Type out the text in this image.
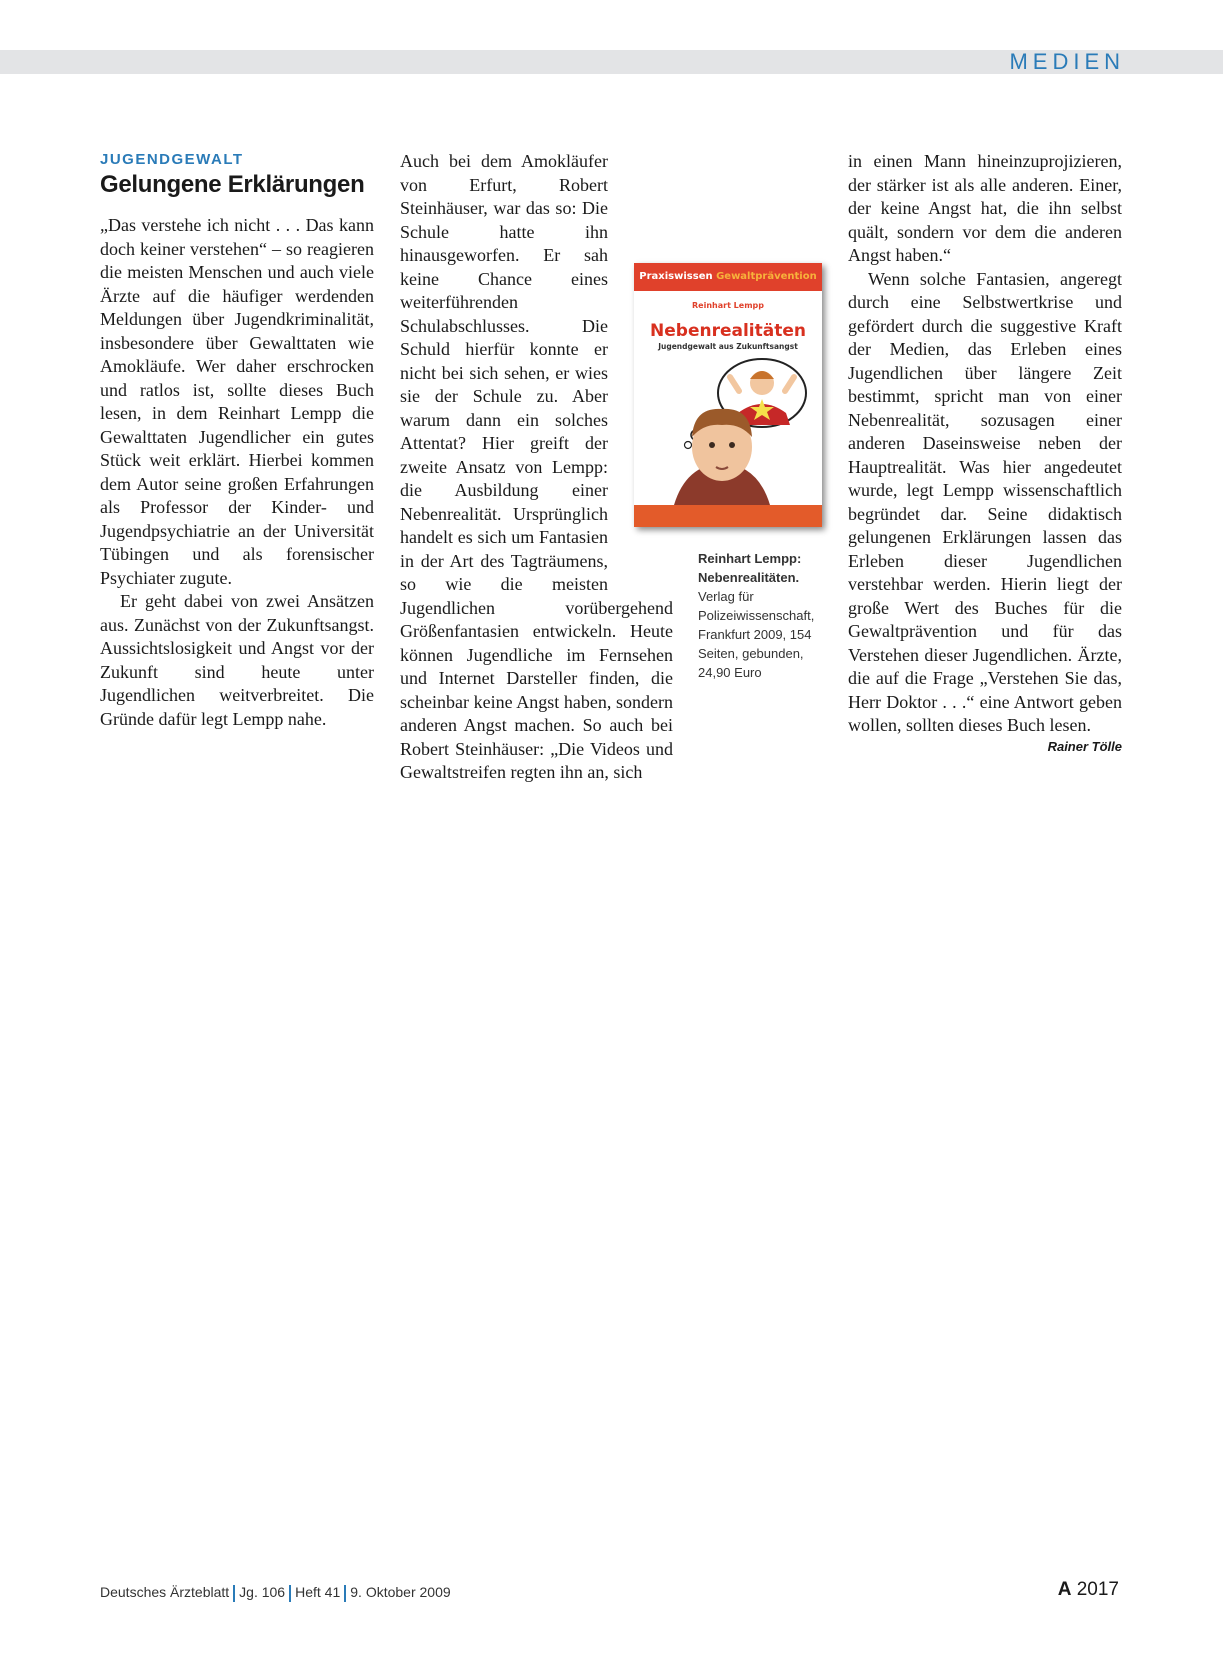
MEDIEN

JUGENDGEWALT

Gelungene Erklärungen

„Das verstehe ich nicht . . . Das kann doch keiner verstehen“ – so reagieren die meisten Menschen und auch viele Ärzte auf die häufiger werdenden Meldungen über Jugendkriminalität, insbesondere über Gewalttaten wie Amokläufe. Wer daher erschrocken und ratlos ist, sollte dieses Buch lesen, in dem Reinhart Lempp die Gewalttaten Jugendlicher ein gutes Stück weit erklärt. Hierbei kommen dem Autor seine großen Erfahrungen als Professor der Kinder- und Jugendpsychiatrie an der Universität Tübingen und als forensischer Psychiater zugute.

Er geht dabei von zwei Ansätzen aus. Zunächst von der Zukunftsangst. Aussichtslosigkeit und Angst vor der Zukunft sind heute unter Jugendlichen weitverbreitet. Die Gründe dafür legt Lempp nahe.

Auch bei dem Amokläufer von Erfurt, Robert Steinhäuser, war das so: Die Schule hatte ihn hinausgeworfen. Er sah keine Chance eines weiterführenden Schulabschlusses. Die Schuld hierfür konnte er nicht bei sich sehen, er wies sie der Schule zu. Aber warum dann ein solches Attentat? Hier greift der zweite Ansatz von Lempp: die Ausbildung einer Nebenrealität. Ursprünglich handelt es sich um Fantasien in der Art des Tagträumens, so wie die meisten Jugendlichen vorübergehend Größenfantasien entwickeln. Heute können Jugendliche im Fernsehen und Internet Darsteller finden, die scheinbar keine Angst haben, sondern anderen Angst machen. So auch bei Robert Steinhäuser: „Die Videos und Gewaltstreifen regten ihn an, sich

Praxiswissen Gewaltprävention
Reinhart Lempp
Nebenrealitäten
Jugendgewalt aus Zukunftsangst
Reinhart Lempp: Nebenrealitäten.
Verlag für Polizeiwissenschaft, Frankfurt 2009, 154 Seiten, gebunden, 24,90 Euro

in einen Mann hineinzuprojizieren, der stärker ist als alle anderen. Einer, der keine Angst hat, die ihn selbst quält, sondern vor dem die anderen Angst haben.“

Wenn solche Fantasien, angeregt durch eine Selbstwertkrise und gefördert durch die suggestive Kraft der Medien, das Erleben eines Jugendlichen über längere Zeit bestimmt, spricht man von einer Nebenrealität, sozusagen einer anderen Daseinsweise neben der Hauptrealität. Was hier angedeutet wurde, legt Lempp wissenschaftlich begründet dar. Seine didaktisch gelungenen Erklärungen lassen das Erleben dieser Jugendlichen verstehbar werden. Hierin liegt der große Wert des Buches für die Gewaltprävention und für das Verstehen dieser Jugendlichen. Ärzte, die auf die Frage „Verstehen Sie das, Herr Doktor . . .“ eine Antwort geben wollen, sollten dieses Buch lesen.

Rainer Tölle

Deutsches Ärzteblatt Jg. 106 Heft 41 9. Oktober 2009	A 2017
